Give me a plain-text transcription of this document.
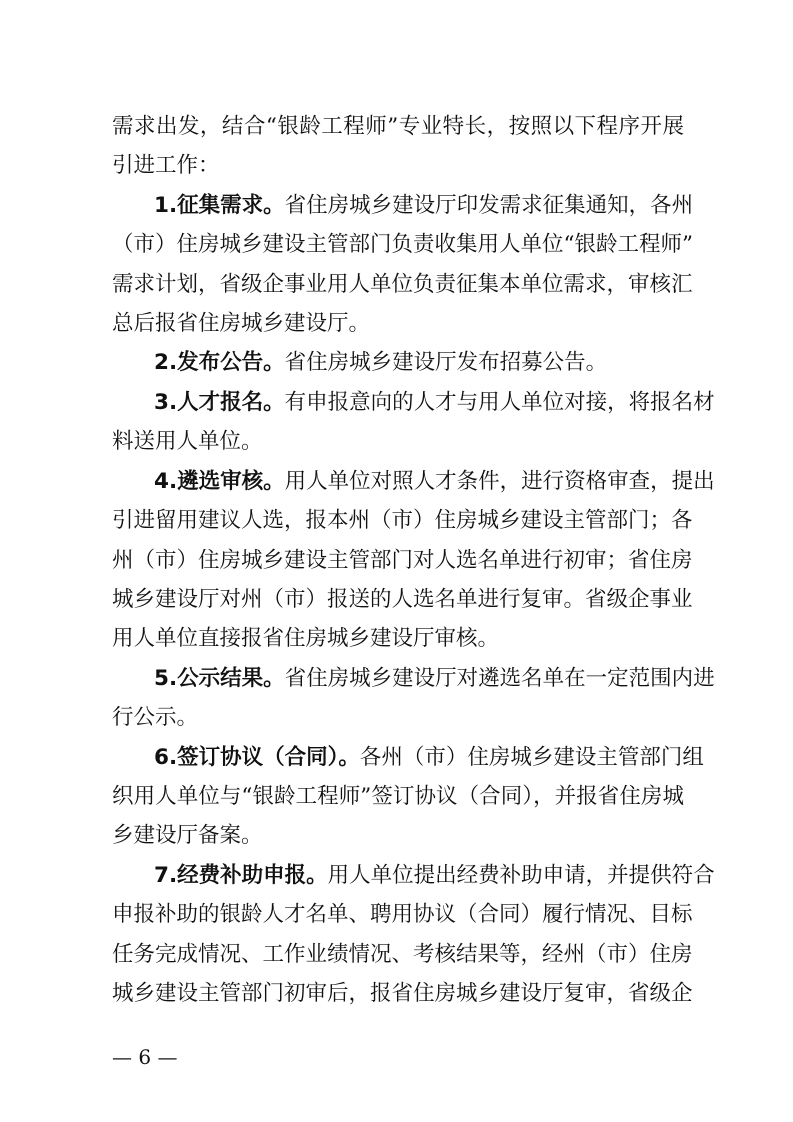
需求出发，结合“银龄工程师”专业特长，按照以下程序开展
引进工作：
1.征集需求。省住房城乡建设厅印发需求征集通知，各州
（市）住房城乡建设主管部门负责收集用人单位“银龄工程师”
需求计划，省级企事业用人单位负责征集本单位需求，审核汇
总后报省住房城乡建设厅。
2.发布公告。省住房城乡建设厅发布招募公告。
3.人才报名。有申报意向的人才与用人单位对接，将报名材
料送用人单位。
4.遴选审核。用人单位对照人才条件，进行资格审查，提出
引进留用建议人选，报本州（市）住房城乡建设主管部门；各
州（市）住房城乡建设主管部门对人选名单进行初审；省住房
城乡建设厅对州（市）报送的人选名单进行复审。省级企事业
用人单位直接报省住房城乡建设厅审核。
5.公示结果。省住房城乡建设厅对遴选名单在一定范围内进
行公示。
6.签订协议（合同）。各州（市）住房城乡建设主管部门组
织用人单位与“银龄工程师”签订协议（合同），并报省住房城
乡建设厅备案。
7.经费补助申报。用人单位提出经费补助申请，并提供符合
申报补助的银龄人才名单、聘用协议（合同）履行情况、目标
任务完成情况、工作业绩情况、考核结果等，经州（市）住房
城乡建设主管部门初审后，报省住房城乡建设厅复审，省级企
— 6 —
